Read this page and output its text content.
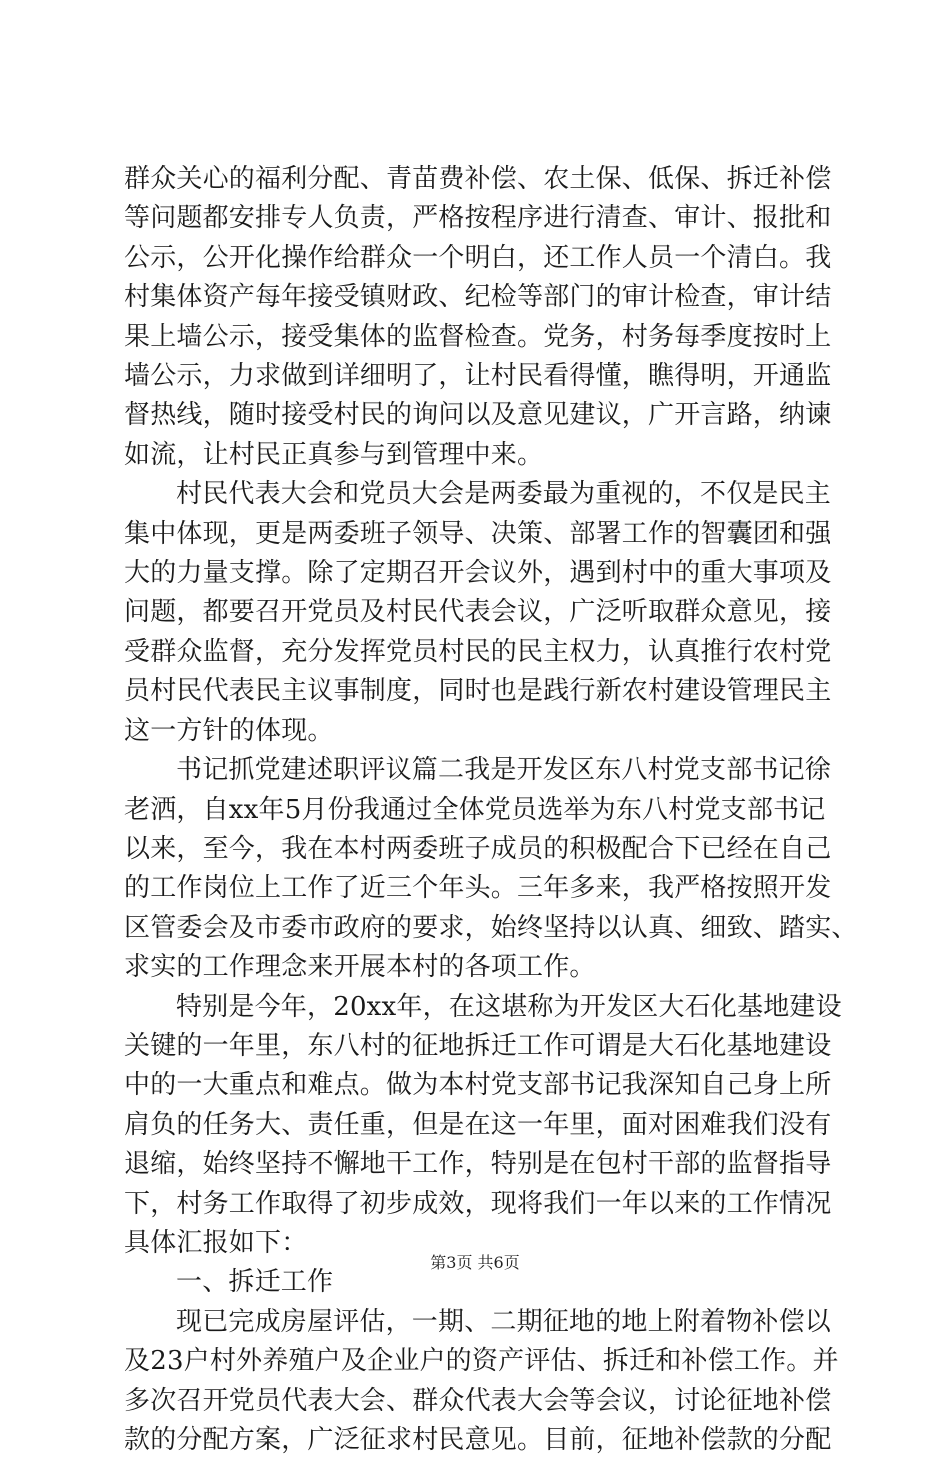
群众关心的福利分配、青苗费补偿、农土保、低保、拆迁补偿
等问题都安排专人负责，严格按程序进行清查、审计、报批和
公示，公开化操作给群众一个明白，还工作人员一个清白。我
村集体资产每年接受镇财政、纪检等部门的审计检查，审计结
果上墙公示，接受集体的监督检查。党务，村务每季度按时上
墙公示，力求做到详细明了，让村民看得懂，瞧得明，开通监
督热线，随时接受村民的询问以及意见建议，广开言路，纳谏
如流，让村民正真参与到管理中来。
村民代表大会和党员大会是两委最为重视的，不仅是民主
集中体现，更是两委班子领导、决策、部署工作的智囊团和强
大的力量支撑。除了定期召开会议外，遇到村中的重大事项及
问题，都要召开党员及村民代表会议，广泛听取群众意见，接
受群众监督，充分发挥党员村民的民主权力，认真推行农村党
员村民代表民主议事制度，同时也是践行新农村建设管理民主
这一方针的体现。
书记抓党建述职评议篇二我是开发区东八村党支部书记徐
老洒，自xx年5月份我通过全体党员选举为东八村党支部书记
以来，至今，我在本村两委班子成员的积极配合下已经在自己
的工作岗位上工作了近三个年头。三年多来，我严格按照开发
区管委会及市委市政府的要求，始终坚持以认真、细致、踏实、
求实的工作理念来开展本村的各项工作。
特别是今年，20xx年，在这堪称为开发区大石化基地建设
关键的一年里，东八村的征地拆迁工作可谓是大石化基地建设
中的一大重点和难点。做为本村党支部书记我深知自己身上所
肩负的任务大、责任重，但是在这一年里，面对困难我们没有
退缩，始终坚持不懈地干工作，特别是在包村干部的监督指导
下，村务工作取得了初步成效，现将我们一年以来的工作情况
具体汇报如下：
一、拆迁工作
现已完成房屋评估，一期、二期征地的地上附着物补偿以
及23户村外养殖户及企业户的资产评估、拆迁和补偿工作。并
多次召开党员代表大会、群众代表大会等会议，讨论征地补偿
款的分配方案，广泛征求村民意见。目前，征地补偿款的分配
第3页 共6页
